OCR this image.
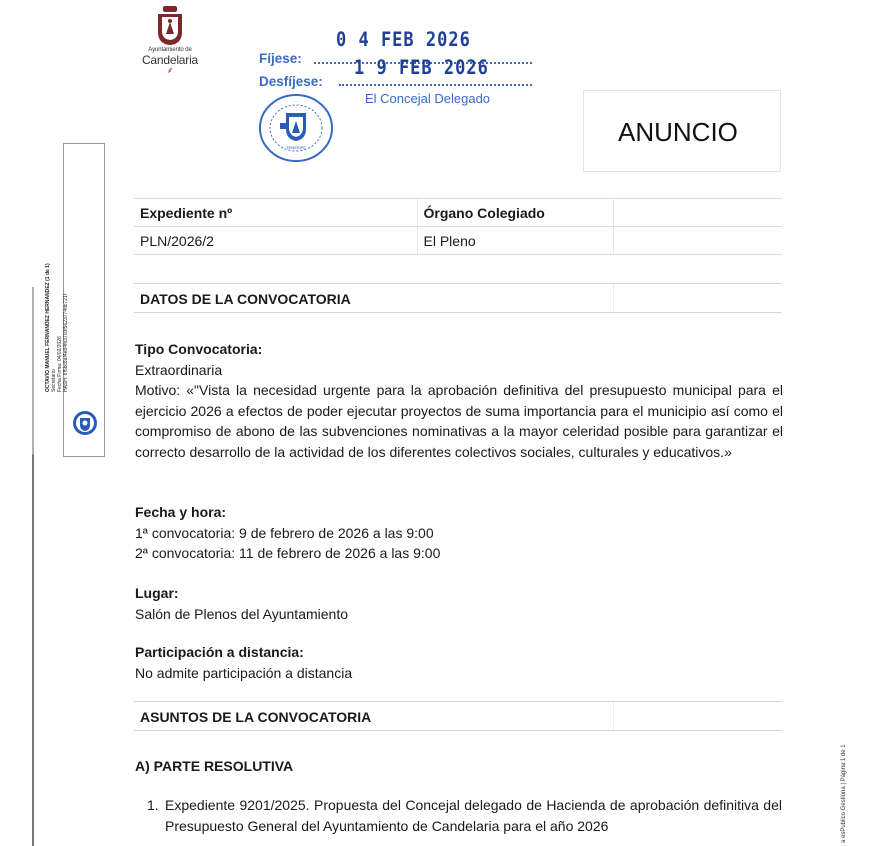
Ayuntamiento de
Candelaria
⸙
0 4 FEB 2026
Fíjese:	1 9 FEB 2026
Desfíjese:
El Concejal Delegado
TENERIFE
ANUNCIO
OCTAVIO MANUEL FERNANDEZ HERNANDEZ (1 de 1) Secretario Fecha Firma: 04/02/2026 HASH: 6f5bc8af4e84fb3703f5623774dc721f
Expediente nº	Órgano Colegiado	
PLN/2026/2	El Pleno	
DATOS DE LA CONVOCATORIA
Tipo Convocatoria:
Extraordinaria
Motivo: «"Vista la necesidad urgente para la aprobación definitiva del presupuesto municipal para el ejercicio 2026 a efectos de poder ejecutar proyectos de suma importancia para el municipio así como el compromiso de abono de las subvenciones nominativas a la mayor celeridad posible para garantizar el correcto desarrollo de la actividad de los diferentes colectivos sociales, culturales y educativos.»
Fecha y hora:
1ª convocatoria: 9 de febrero de 2026 a las 9:00
2ª convocatoria: 11 de febrero de 2026 a las 9:00
Lugar:
Salón de Plenos del Ayuntamiento
Participación a distancia:
No admite participación a distancia
ASUNTOS DE LA CONVOCATORIA
A) PARTE RESOLUTIVA
1. Expediente 9201/2025. Propuesta del Concejal delegado de Hacienda de aprobación definitiva del Presupuesto General del Ayuntamiento de Candelaria para el año 2026	a esPublico Gestiona | Página 1 de 1
